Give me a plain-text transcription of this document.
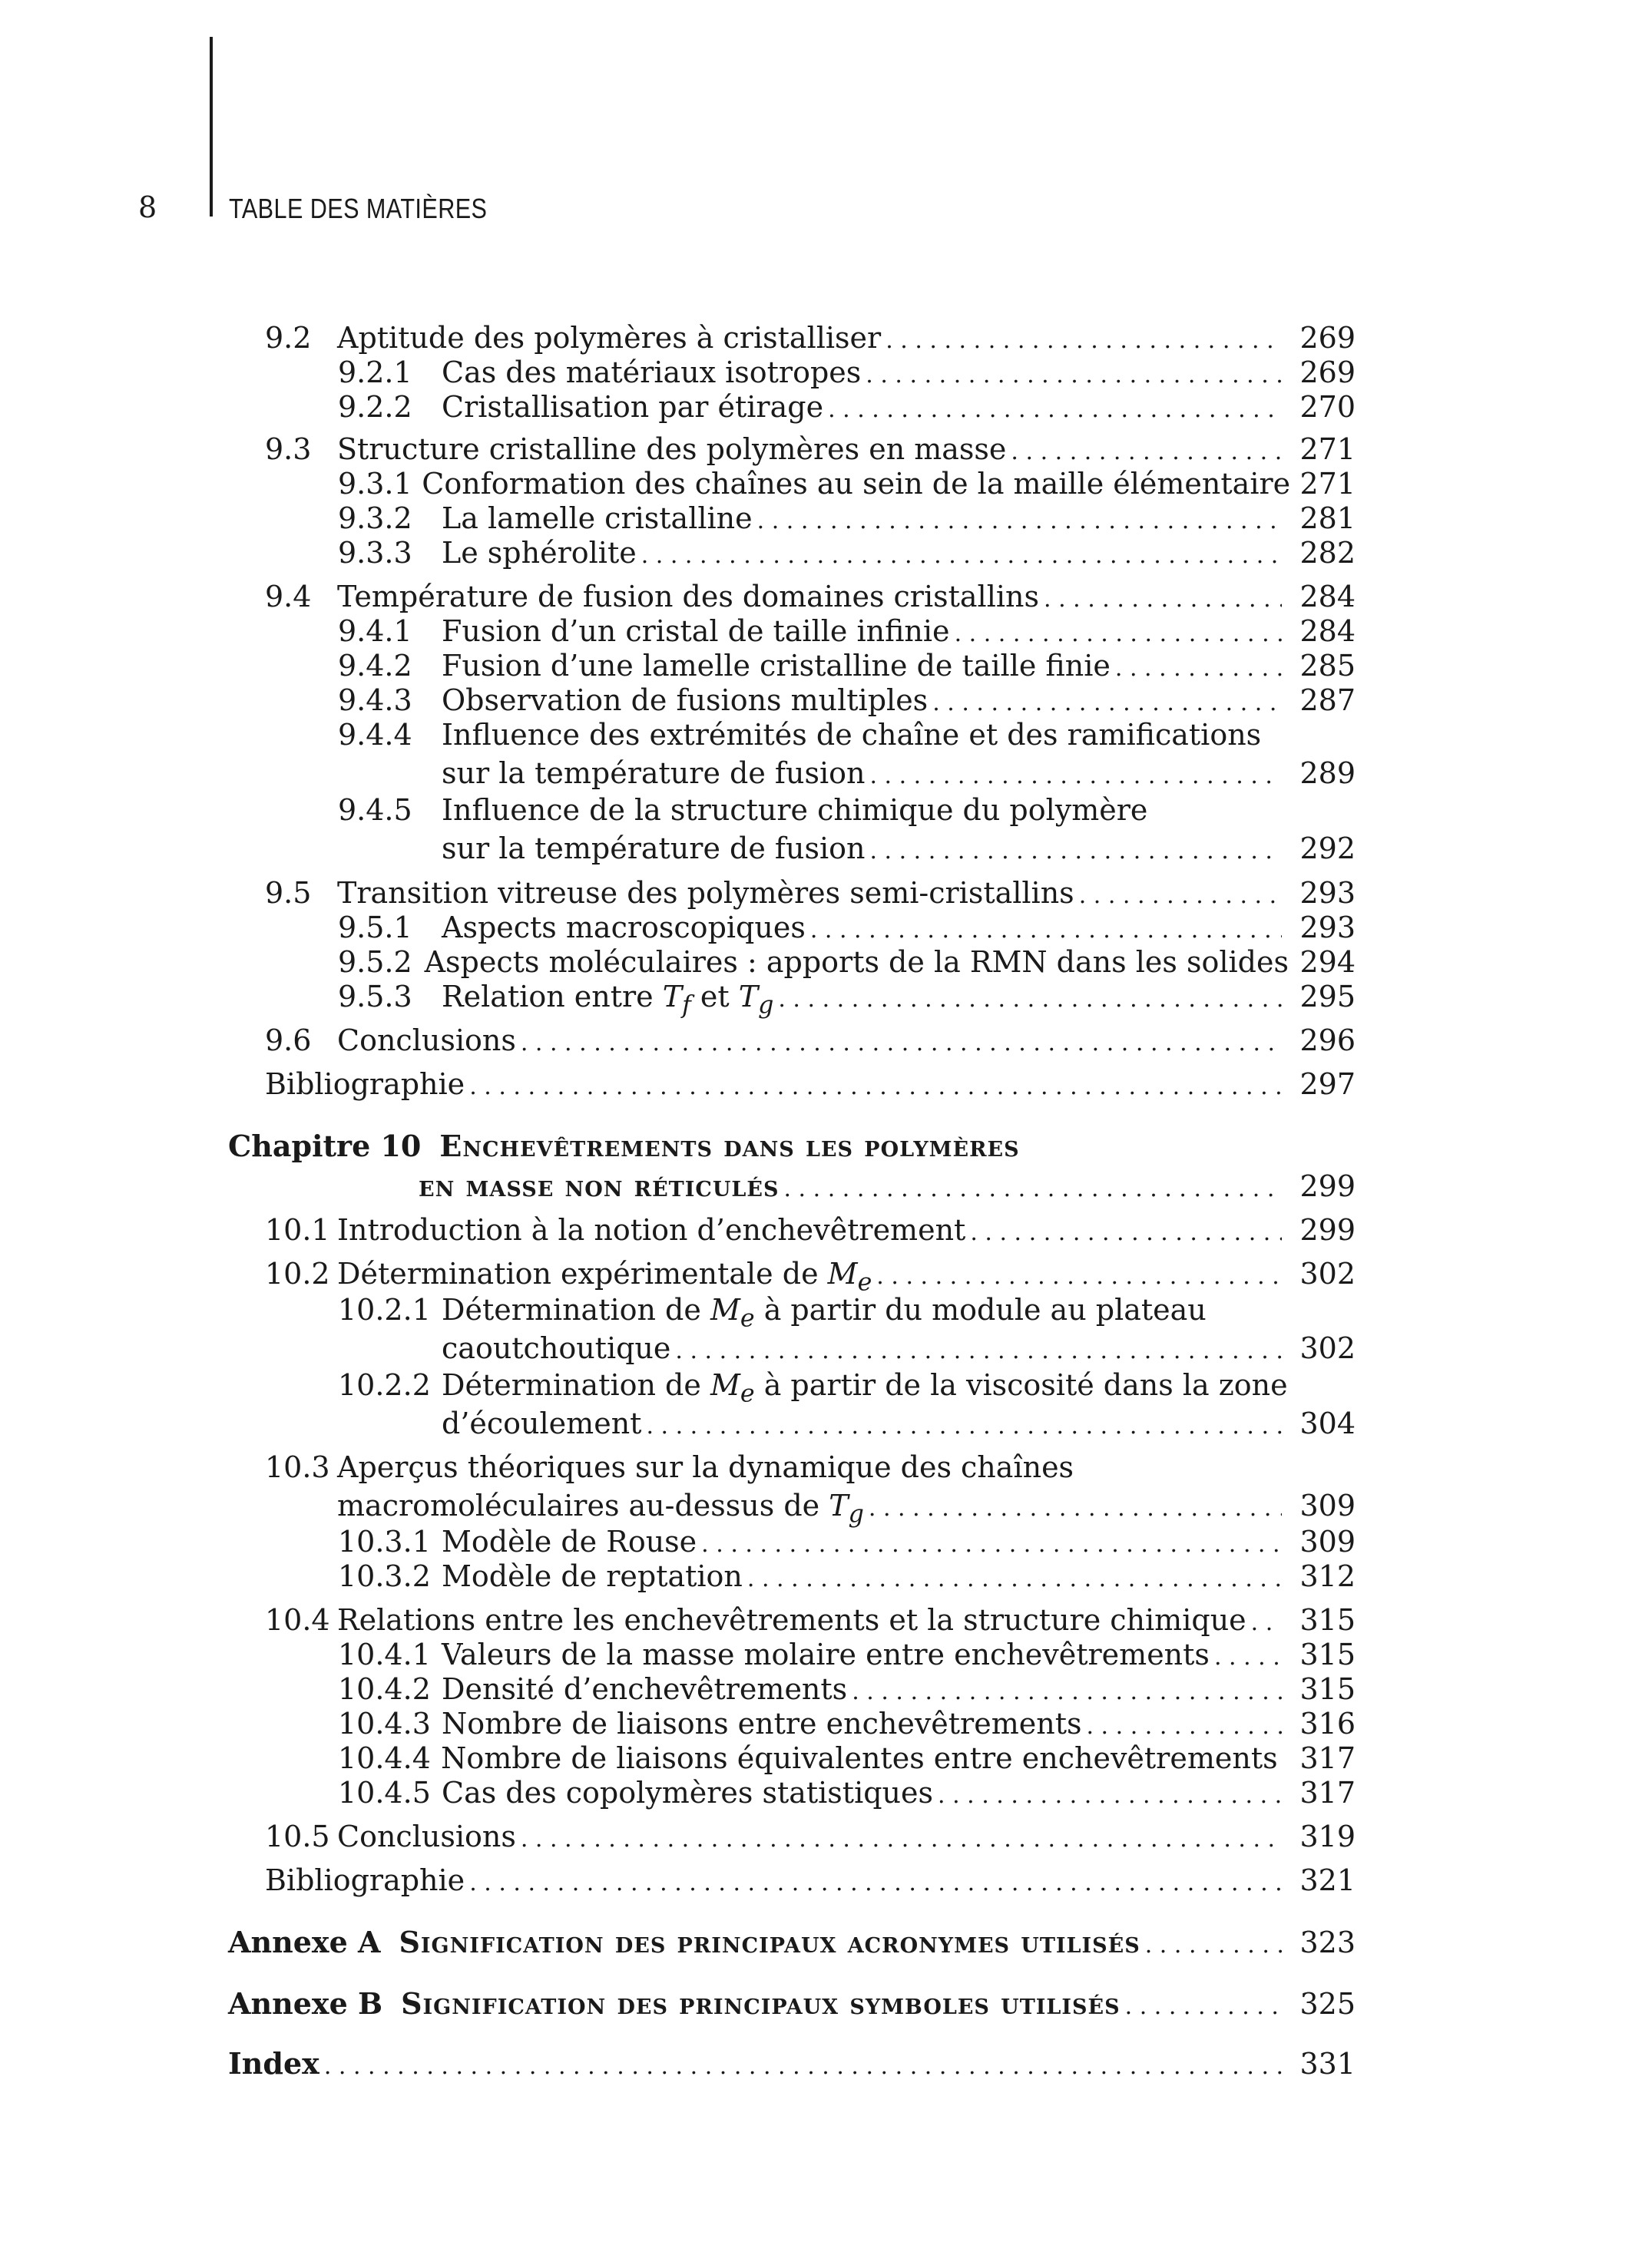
8	TABLE DES MATIÈRES
9.2 Aptitude des polymères à cristalliser . . .	269
9.2.1	Cas des matériaux isotropes . . .	269
9.2.2	Cristallisation par étirage . . .	270
9.3 Structure cristalline des polymères en masse . . .	271
9.3.1 Conformation des chaînes au sein de la maille élémentaire 271
9.3.2	La lamelle cristalline . . .	281
9.3.3	Le sphérolite . . .	282
9.4 Température de fusion des domaines cristallins . . .	284
9.4.1	Fusion d’un cristal de taille infinie . . .	284
9.4.2	Fusion d’une lamelle cristalline de taille finie . . .	285
9.4.3	Observation de fusions multiples . . .	287
9.4.4	Influence des extrémités de chaîne et des ramifications
sur la température de fusion . . .	289
9.4.5	Influence de la structure chimique du polymère
sur la température de fusion . . .	292
9.5 Transition vitreuse des polymères semi-cristallins . . .	293
9.5.1	Aspects macroscopiques . . .	293
9.5.2 Aspects moléculaires : apports de la RMN dans les solides 294
9.5.3	Relation entre $T_f$ et $T_g$ . . .	295
9.6 Conclusions . . .	296
Bibliographie . . .	297
Chapitre 10 Enchevêtrements dans les polymères
en masse non réticulés . . .	299
10.1 Introduction à la notion d’enchevêtrement . . .	299
10.2 Détermination expérimentale de $M_e$ . . .	302
10.2.1 Détermination de $M_e$ à partir du module au plateau
caoutchoutique . . .	302
10.2.2 Détermination de $M_e$ à partir de la viscosité dans la zone
d’écoulement . . .	304
10.3 Aperçus théoriques sur la dynamique des chaînes
macromoléculaires au-dessus de $T_g$ . . .	309
10.3.1 Modèle de Rouse . . .	309
10.3.2 Modèle de reptation . . .	312
10.4 Relations entre les enchevêtrements et la structure chimique . . .	315
10.4.1 Valeurs de la masse molaire entre enchevêtrements . . .	315
10.4.2 Densité d’enchevêtrements . . .	315
10.4.3 Nombre de liaisons entre enchevêtrements . . .	316
10.4.4 Nombre de liaisons équivalentes entre enchevêtrements 317
10.4.5 Cas des copolymères statistiques . . .	317
10.5 Conclusions . . .	319
Bibliographie . . .	321
Annexe A Signification des principaux acronymes utilisés . . .	323
Annexe B Signification des principaux symboles utilisés . . .	325
Index . . .	331
